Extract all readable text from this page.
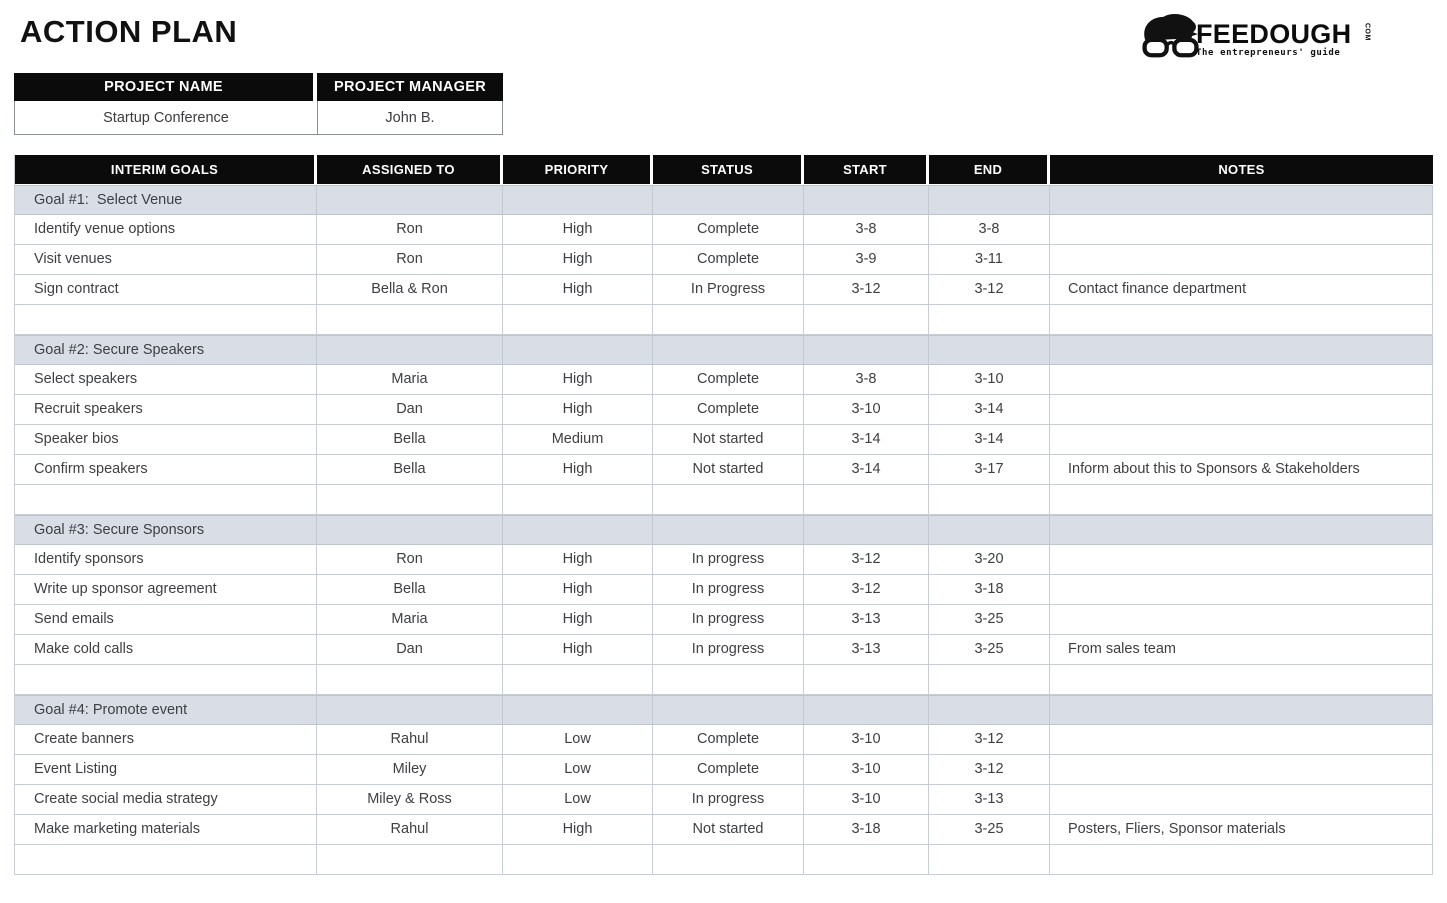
ACTION PLAN	FEEDOUGH	COM
The entrepreneurs' guide
PROJECT NAME	PROJECT MANAGER
Startup Conference	John B.
INTERIM GOALS	ASSIGNED TO	PRIORITY	STATUS	START	END	NOTES
Goal #1:  Select Venue
Identify venue options	Ron	High	Complete	3-8	3-8
Visit venues	Ron	High	Complete	3-9	3-11
Sign contract	Bella & Ron	High	In Progress	3-12	3-12	Contact finance department
Goal #2: Secure Speakers
Select speakers	Maria	High	Complete	3-8	3-10
Recruit speakers	Dan	High	Complete	3-10	3-14
Speaker bios	Bella	Medium	Not started	3-14	3-14
Confirm speakers	Bella	High	Not started	3-14	3-17	Inform about this to Sponsors & Stakeholders
Goal #3: Secure Sponsors
Identify sponsors	Ron	High	In progress	3-12	3-20
Write up sponsor agreement	Bella	High	In progress	3-12	3-18
Send emails	Maria	High	In progress	3-13	3-25
Make cold calls	Dan	High	In progress	3-13	3-25	From sales team
Goal #4: Promote event
Create banners	Rahul	Low	Complete	3-10	3-12
Event Listing	Miley	Low	Complete	3-10	3-12
Create social media strategy	Miley & Ross	Low	In progress	3-10	3-13
Make marketing materials	Rahul	High	Not started	3-18	3-25	Posters, Fliers, Sponsor materials
